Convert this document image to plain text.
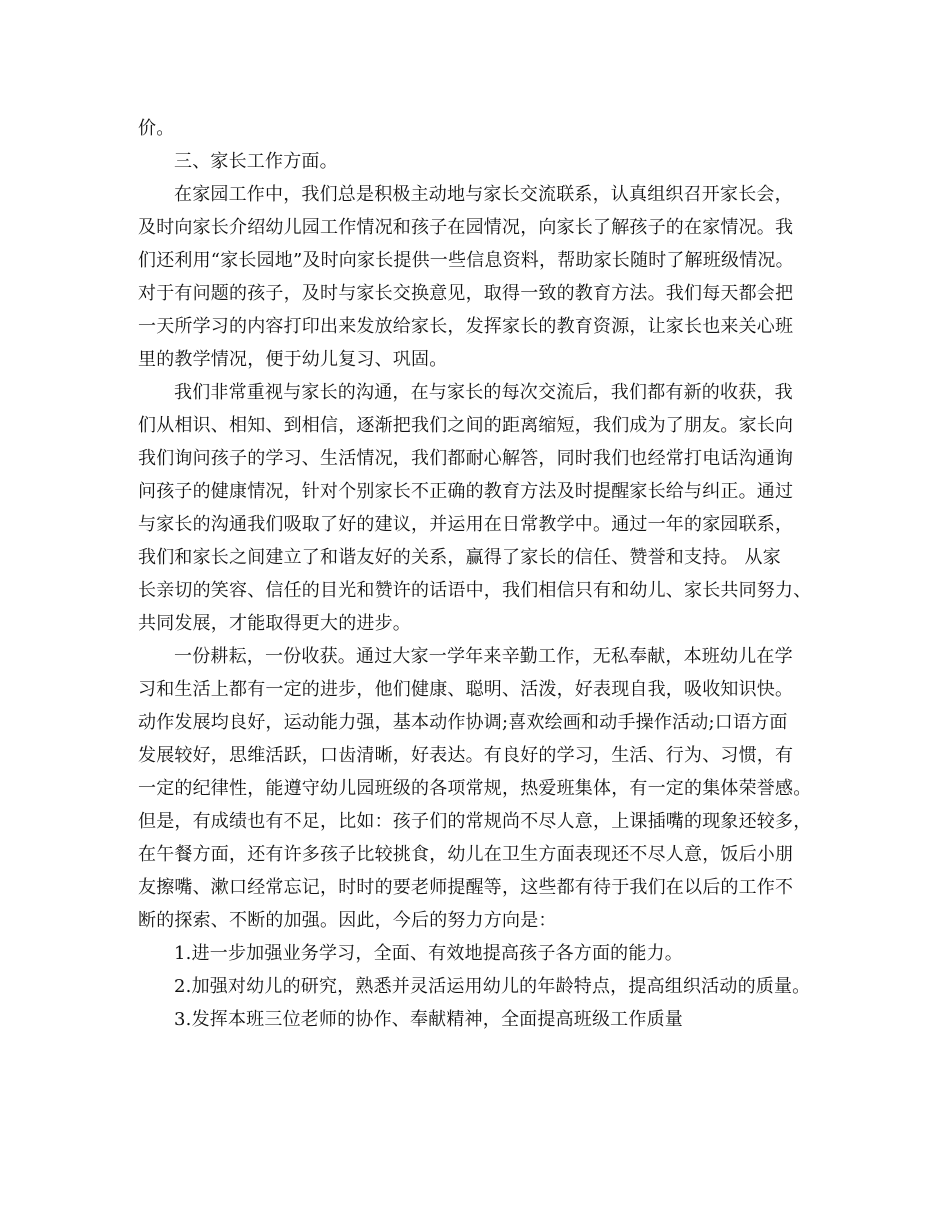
价。
三、家长工作方面。
在家园工作中，我们总是积极主动地与家长交流联系，认真组织召开家长会，
及时向家长介绍幼儿园工作情况和孩子在园情况，向家长了解孩子的在家情况。我
们还利用“家长园地”及时向家长提供一些信息资料，帮助家长随时了解班级情况。
对于有问题的孩子，及时与家长交换意见，取得一致的教育方法。我们每天都会把
一天所学习的内容打印出来发放给家长，发挥家长的教育资源，让家长也来关心班
里的教学情况，便于幼儿复习、巩固。
我们非常重视与家长的沟通，在与家长的每次交流后，我们都有新的收获，我
们从相识、相知、到相信，逐渐把我们之间的距离缩短，我们成为了朋友。家长向
我们询问孩子的学习、生活情况，我们都耐心解答，同时我们也经常打电话沟通询
问孩子的健康情况，针对个别家长不正确的教育方法及时提醒家长给与纠正。通过
与家长的沟通我们吸取了好的建议，并运用在日常教学中。通过一年的家园联系，
我们和家长之间建立了和谐友好的关系，赢得了家长的信任、赞誉和支持。 从家
长亲切的笑容、信任的目光和赞许的话语中，我们相信只有和幼儿、家长共同努力、
共同发展，才能取得更大的进步。
一份耕耘，一份收获。通过大家一学年来辛勤工作，无私奉献，本班幼儿在学
习和生活上都有一定的进步，他们健康、聪明、活泼，好表现自我，吸收知识快。
动作发展均良好，运动能力强，基本动作协调;喜欢绘画和动手操作活动;口语方面
发展较好，思维活跃，口齿清晰，好表达。有良好的学习，生活、行为、习惯，有
一定的纪律性，能遵守幼儿园班级的各项常规，热爱班集体，有一定的集体荣誉感。
但是，有成绩也有不足，比如：孩子们的常规尚不尽人意，上课插嘴的现象还较多，
在午餐方面，还有许多孩子比较挑食，幼儿在卫生方面表现还不尽人意，饭后小朋
友擦嘴、漱口经常忘记，时时的要老师提醒等，这些都有待于我们在以后的工作不
断的探索、不断的加强。因此，今后的努力方向是：
1.进一步加强业务学习，全面、有效地提高孩子各方面的能力。
2.加强对幼儿的研究，熟悉并灵活运用幼儿的年龄特点，提高组织活动的质量。
3.发挥本班三位老师的协作、奉献精神，全面提高班级工作质量
